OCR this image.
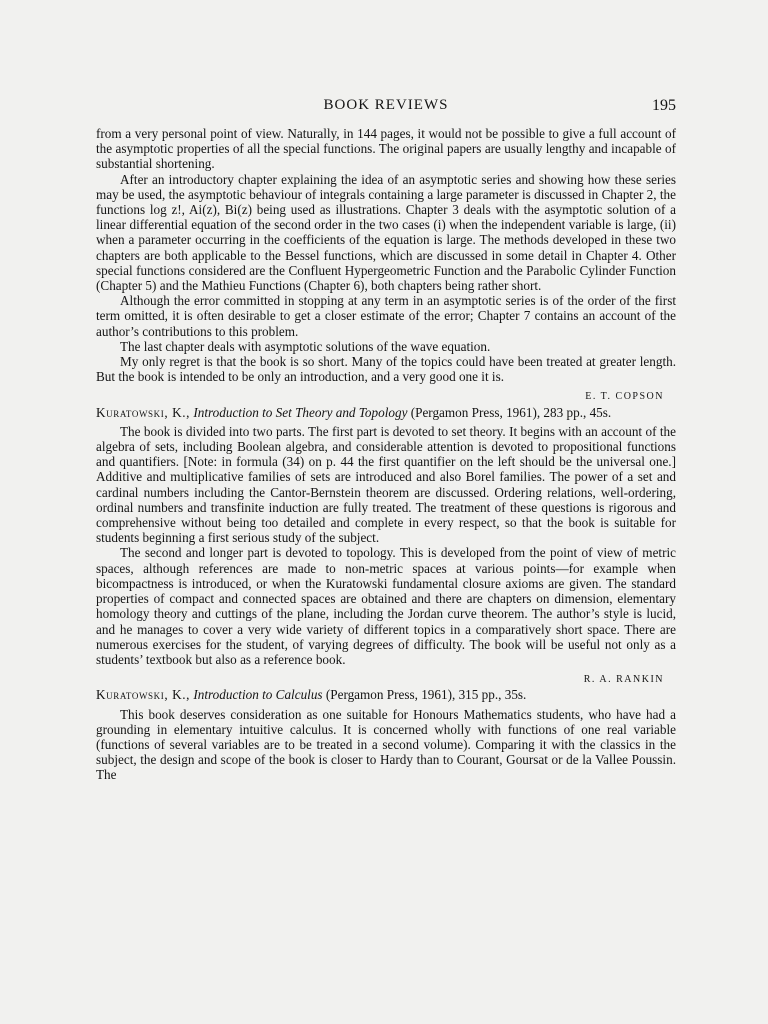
BOOK REVIEWS	195

from a very personal point of view. Naturally, in 144 pages, it would not be possible to give a full account of the asymptotic properties of all the special functions. The original papers are usually lengthy and incapable of substantial shortening.

After an introductory chapter explaining the idea of an asymptotic series and showing how these series may be used, the asymptotic behaviour of integrals containing a large parameter is discussed in Chapter 2, the functions log z!, Ai(z), Bi(z) being used as illustrations. Chapter 3 deals with the asymptotic solution of a linear differential equation of the second order in the two cases (i) when the independent variable is large, (ii) when a parameter occurring in the coefficients of the equation is large. The methods developed in these two chapters are both applicable to the Bessel functions, which are discussed in some detail in Chapter 4. Other special functions considered are the Confluent Hypergeometric Function and the Parabolic Cylinder Function (Chapter 5) and the Mathieu Functions (Chapter 6), both chapters being rather short.

Although the error committed in stopping at any term in an asymptotic series is of the order of the first term omitted, it is often desirable to get a closer estimate of the error; Chapter 7 contains an account of the author’s contributions to this problem.

The last chapter deals with asymptotic solutions of the wave equation.

My only regret is that the book is so short. Many of the topics could have been treated at greater length. But the book is intended to be only an introduction, and a very good one it is.

E. T. COPSON

Kuratowski, K., Introduction to Set Theory and Topology (Pergamon Press, 1961), 283 pp., 45s.

The book is divided into two parts. The first part is devoted to set theory. It begins with an account of the algebra of sets, including Boolean algebra, and considerable attention is devoted to propositional functions and quantifiers. [Note: in formula (34) on p. 44 the first quantifier on the left should be the universal one.] Additive and multiplicative families of sets are introduced and also Borel families. The power of a set and cardinal numbers including the Cantor-Bernstein theorem are discussed. Ordering relations, well-ordering, ordinal numbers and transfinite induction are fully treated. The treatment of these questions is rigorous and comprehensive without being too detailed and complete in every respect, so that the book is suitable for students beginning a first serious study of the subject.

The second and longer part is devoted to topology. This is developed from the point of view of metric spaces, although references are made to non-metric spaces at various points—for example when bicompactness is introduced, or when the Kuratowski fundamental closure axioms are given. The standard properties of compact and connected spaces are obtained and there are chapters on dimension, elementary homology theory and cuttings of the plane, including the Jordan curve theorem. The author’s style is lucid, and he manages to cover a very wide variety of different topics in a comparatively short space. There are numerous exercises for the student, of varying degrees of difficulty. The book will be useful not only as a students’ textbook but also as a reference book.

R. A. RANKIN

Kuratowski, K., Introduction to Calculus (Pergamon Press, 1961), 315 pp., 35s.

This book deserves consideration as one suitable for Honours Mathematics students, who have had a grounding in elementary intuitive calculus. It is concerned wholly with functions of one real variable (functions of several variables are to be treated in a second volume). Comparing it with the classics in the subject, the design and scope of the book is closer to Hardy than to Courant, Goursat or de la Vallee Poussin. The
